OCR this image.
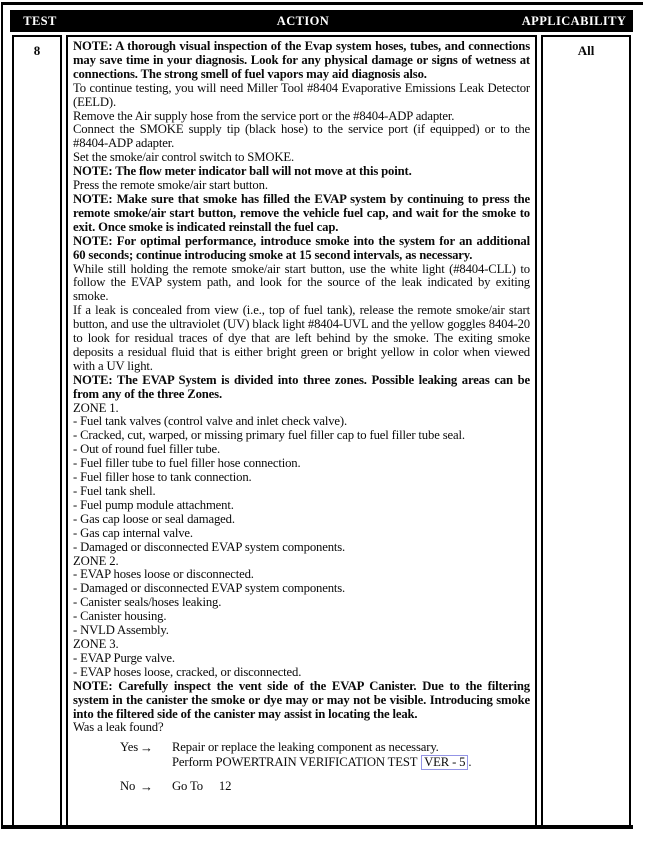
TEST	ACTION	APPLICABILITY
8	NOTE: A thorough visual inspection of the Evap system hoses, tubes, and connections may save time in your diagnosis. Look for any physical damage or signs of wetness at connections. The strong smell of fuel vapors may aid diagnosis also.

To continue testing, you will need Miller Tool #8404 Evaporative Emissions Leak Detector (EELD).

Remove the Air supply hose from the service port or the #8404-ADP adapter.

Connect the SMOKE supply tip (black hose) to the service port (if equipped) or to the #8404-ADP adapter.

Set the smoke/air control switch to SMOKE.

NOTE: The flow meter indicator ball will not move at this point.

Press the remote smoke/air start button.

NOTE: Make sure that smoke has filled the EVAP system by continuing to press the remote smoke/air start button, remove the vehicle fuel cap, and wait for the smoke to exit. Once smoke is indicated reinstall the fuel cap.

NOTE: For optimal performance, introduce smoke into the system for an additional 60 seconds; continue introducing smoke at 15 second intervals, as necessary.

While still holding the remote smoke/air start button, use the white light (#8404-CLL) to follow the EVAP system path, and look for the source of the leak indicated by exiting smoke.

If a leak is concealed from view (i.e., top of fuel tank), release the remote smoke/air start button, and use the ultraviolet (UV) black light #8404-UVL and the yellow goggles 8404-20 to look for residual traces of dye that are left behind by the smoke. The exiting smoke deposits a residual fluid that is either bright green or bright yellow in color when viewed with a UV light.

NOTE: The EVAP System is divided into three zones. Possible leaking areas can be from any of the three Zones.

ZONE 1.

- Fuel tank valves (control valve and inlet check valve).

- Cracked, cut, warped, or missing primary fuel filler cap to fuel filler tube seal.

- Out of round fuel filler tube.

- Fuel filler tube to fuel filler hose connection.

- Fuel filler hose to tank connection.

- Fuel tank shell.

- Fuel pump module attachment.

- Gas cap loose or seal damaged.

- Gas cap internal valve.

- Damaged or disconnected EVAP system components.

ZONE 2.

- EVAP hoses loose or disconnected.

- Damaged or disconnected EVAP system components.

- Canister seals/hoses leaking.

- Canister housing.

- NVLD Assembly.

ZONE 3.

- EVAP Purge valve.

- EVAP hoses loose, cracked, or disconnected.

NOTE: Carefully inspect the vent side of the EVAP Canister. Due to the filtering system in the canister the smoke or dye may or may not be visible. Introducing smoke into the filtered side of the canister may assist in locating the leak.

Was a leak found?

Yes →	Repair or replace the leaking component as necessary.
Perform POWERTRAIN VERIFICATION TEST VER - 5 .
No →	Go To 12
All
